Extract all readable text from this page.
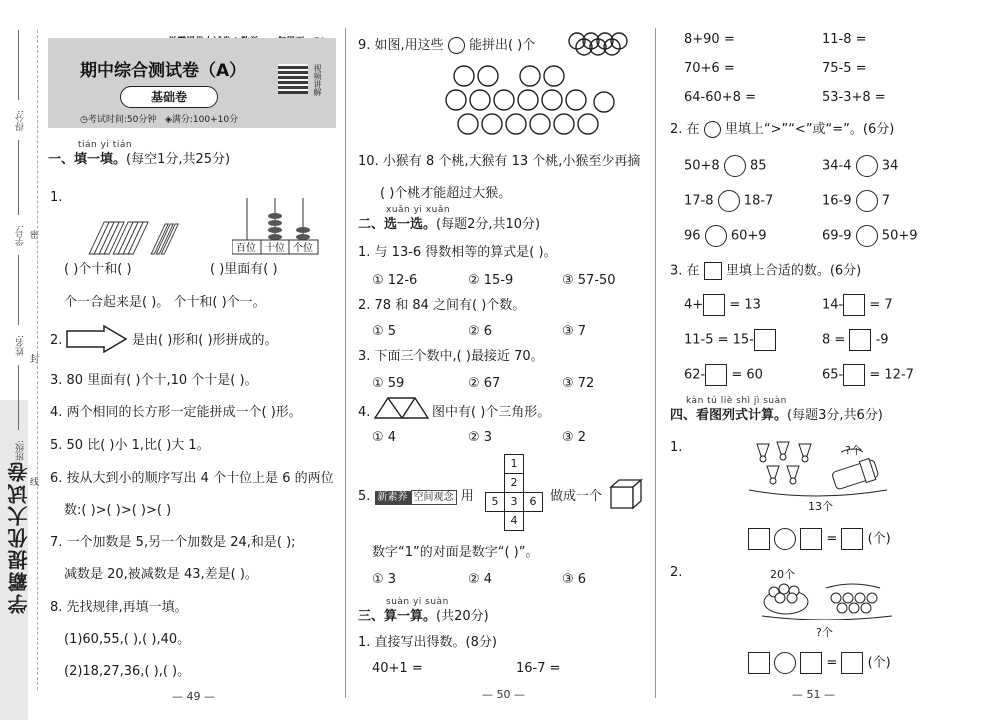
学霸提优大试卷
得分:
学号:
姓名:
班级:
密
封
线
期中综合测试卷（A）
基础卷
视频讲解
◷考试时间:50分钟 ◈满分:100+10分
tián yi tián
一、填一填。(每空1分,共25分)
1.
百位 十位 个位
( )个十和( )	( )里面有( )
个一合起来是( )。 个十和( )个一。
2.	是由( )形和( )形拼成的。
3. 80 里面有( )个十,10 个十是( )。
4. 两个相同的长方形一定能拼成一个( )形。
5. 50 比( )小 1,比( )大 1。
6. 按从大到小的顺序写出 4 个十位上是 6 的两位
数:( )>( )>( )>( )
7. 一个加数是 5,另一个加数是 24,和是( );
减数是 20,被减数是 43,差是( )。
8. 先找规律,再填一填。
(1)60,55,( ),( ),40。
(2)18,27,36,( ),( )。
— 49 —
9. 如图,用这些 能拼出( )个
10. 小猴有 8 个桃,大猴有 13 个桃,小猴至少再摘
( )个桃才能超过大猴。
xuǎn yi xuǎn
二、选一选。(每题2分,共10分)
1. 与 13-6 得数相等的算式是( )。
① 12-6	② 15-9	③ 57-50
2. 78 和 84 之间有( )个数。
① 5	② 6	③ 7
3. 下面三个数中,( )最接近 70。
① 59	② 67	③ 72
4.	图中有( )个三角形。
① 4	② 3	③ 2
5. 新素养 空间观念 用
1
2
5	3	6
4
做成一个
数字“1”的对面是数字“( )”。
① 3	② 4	③ 6
suàn yi suàn
三、算一算。(共20分)
1. 直接写出得数。(8分)
40+1 =	16-7 =
— 50 —
8+90 =	11-8 =
70+6 =	75-5 =
64-60+8 =	53-3+8 =
2. 在 里填上“>”“<”或“=”。(6分)
50+8 85	34-4 34
17-8 18-7	16-9 7
96 60+9	69-9 50+9
3. 在 里填上合适的数。(6分)
4+ = 13	14- = 7
11-5 = 15-	8 = -9
62- = 60	65- = 12-7
kàn tú liè shì jì suàn
四、看图列式计算。(每题3分,共6分)
1.	?个
13个
=  (个)
2.	20个
?个
=  (个)
— 51 —
